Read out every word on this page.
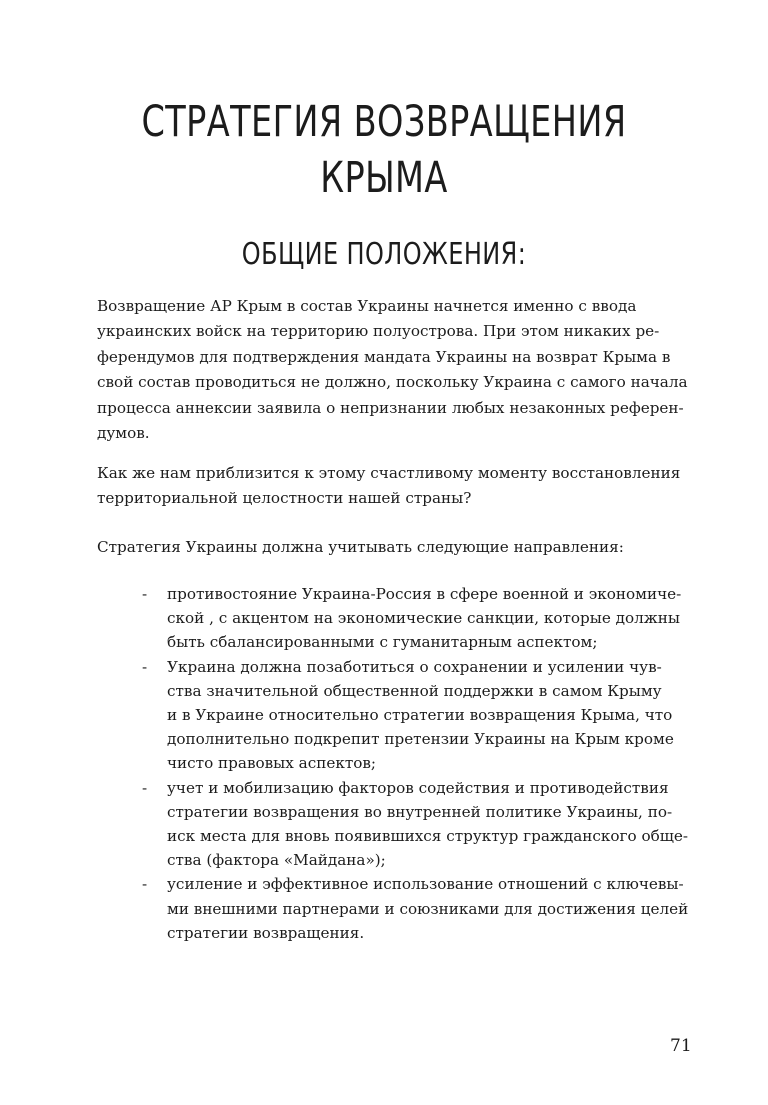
СТРАТЕГИЯ ВОЗВРАЩЕНИЯ
КРЫМА
ОБЩИЕ ПОЛОЖЕНИЯ:

Возвращение АР Крым в состав Украины начнется именно с ввода
украинских войск на территорию полуострова. При этом никаких ре-
ферендумов для подтверждения мандата Украины на возврат Крыма в
свой состав проводиться не должно, поскольку Украина с самого начала
процесса аннексии заявила о непризнании любых незаконных референ-
думов.

Как же нам приблизится к этому счастливому моменту восстановления
территориальной целостности нашей страны?

Стратегия Украины должна учитывать следующие направления:

- противостояние Украина-Россия в сфере военной и экономиче-
ской , с акцентом на экономические санкции, которые должны
быть сбалансированными с гуманитарным аспектом;
- Украина должна позаботиться о сохранении и усилении чув-
ства значительной общественной поддержки в самом Крыму
и в Украине относительно стратегии возвращения Крыма, что
дополнительно подкрепит претензии Украины на Крым кроме
чисто правовых аспектов;
- учет и мобилизацию факторов содействия и противодействия
стратегии возвращения во внутренней политике Украины, по-
иск места для вновь появившихся структур гражданского обще-
ства (фактора «Майдана»);
- усиление и эффективное использование отношений с ключевы-
ми внешними партнерами и союзниками для достижения целей
стратегии возвращения.
71
